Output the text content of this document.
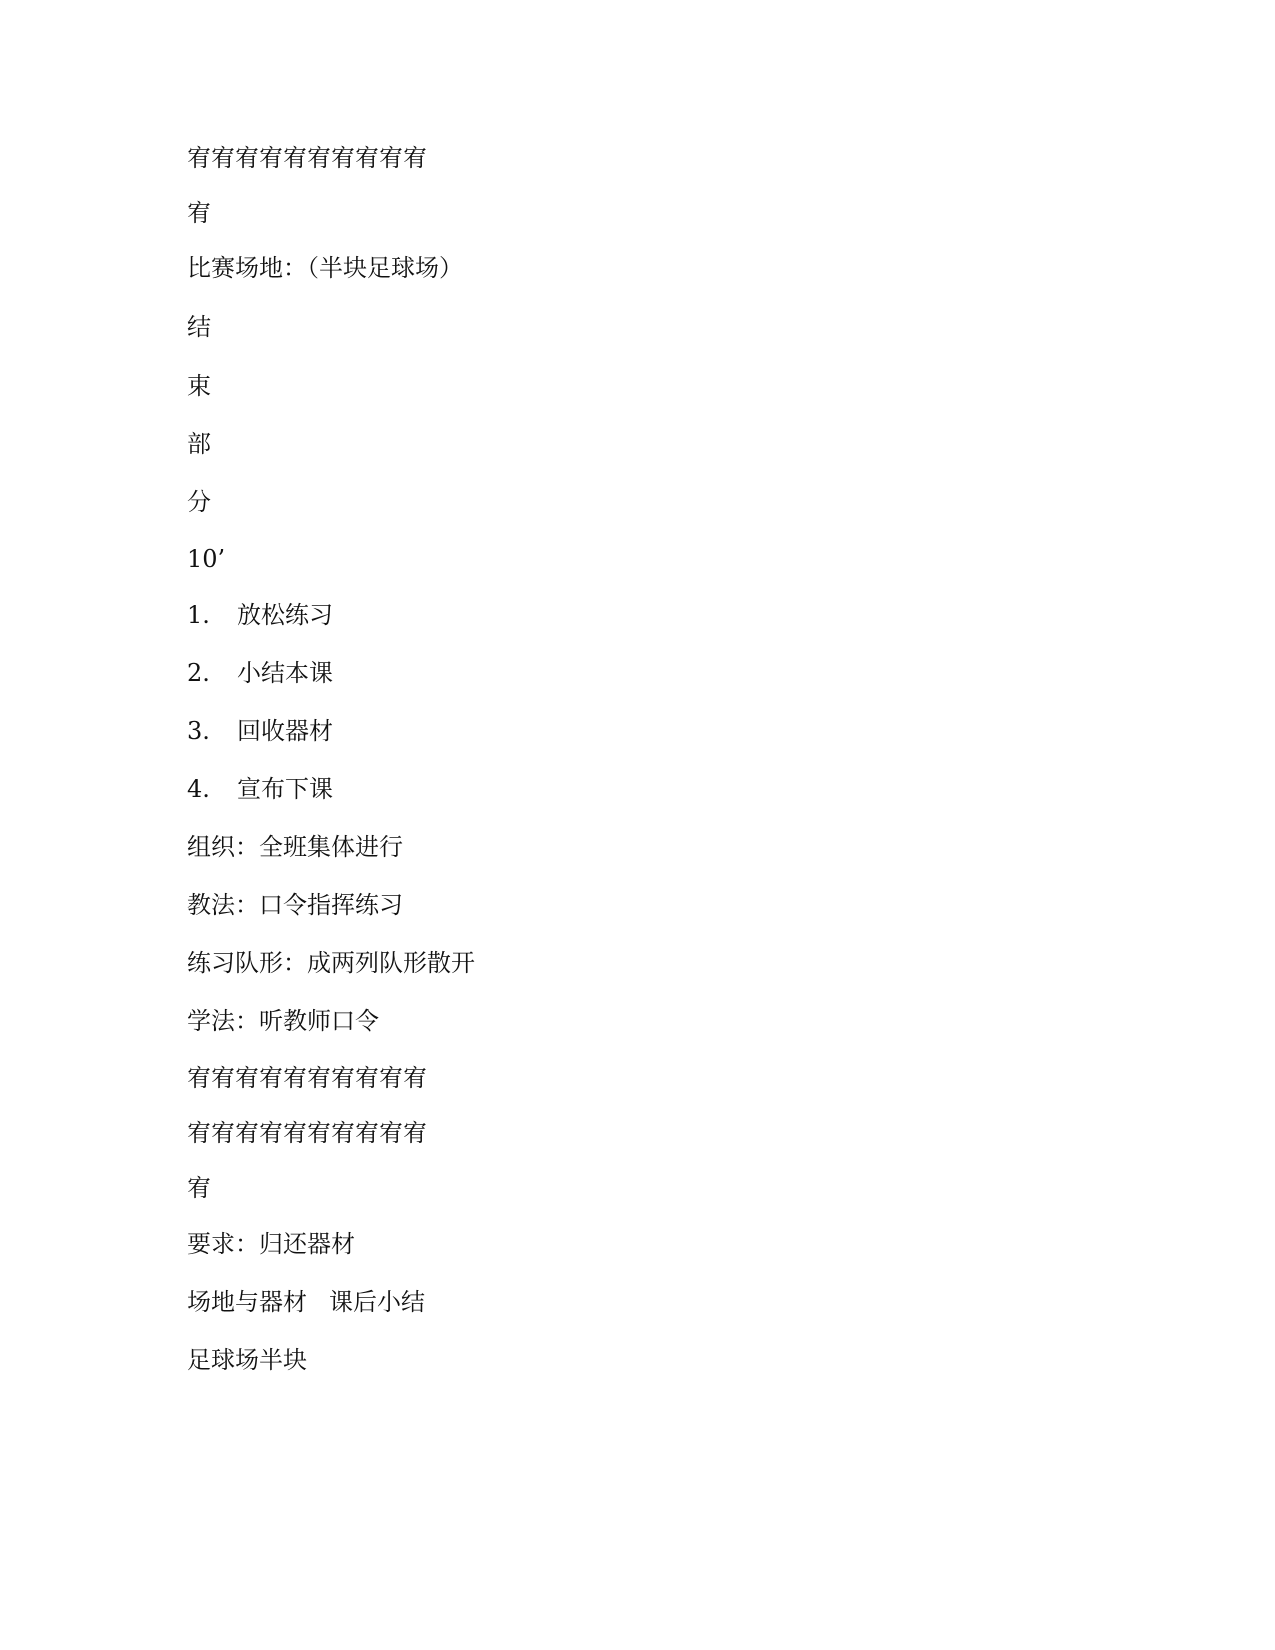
宥宥宥宥宥宥宥宥宥宥
宥
比赛场地：（半块足球场）
结
束
部
分
10’
1. 放松练习
2. 小结本课
3. 回收器材
4. 宣布下课
组织：全班集体进行
教法：口令指挥练习
练习队形：成两列队形散开
学法：听教师口令
宥宥宥宥宥宥宥宥宥宥
宥宥宥宥宥宥宥宥宥宥
宥
要求：归还器材
场地与器材 课后小结
足球场半块
